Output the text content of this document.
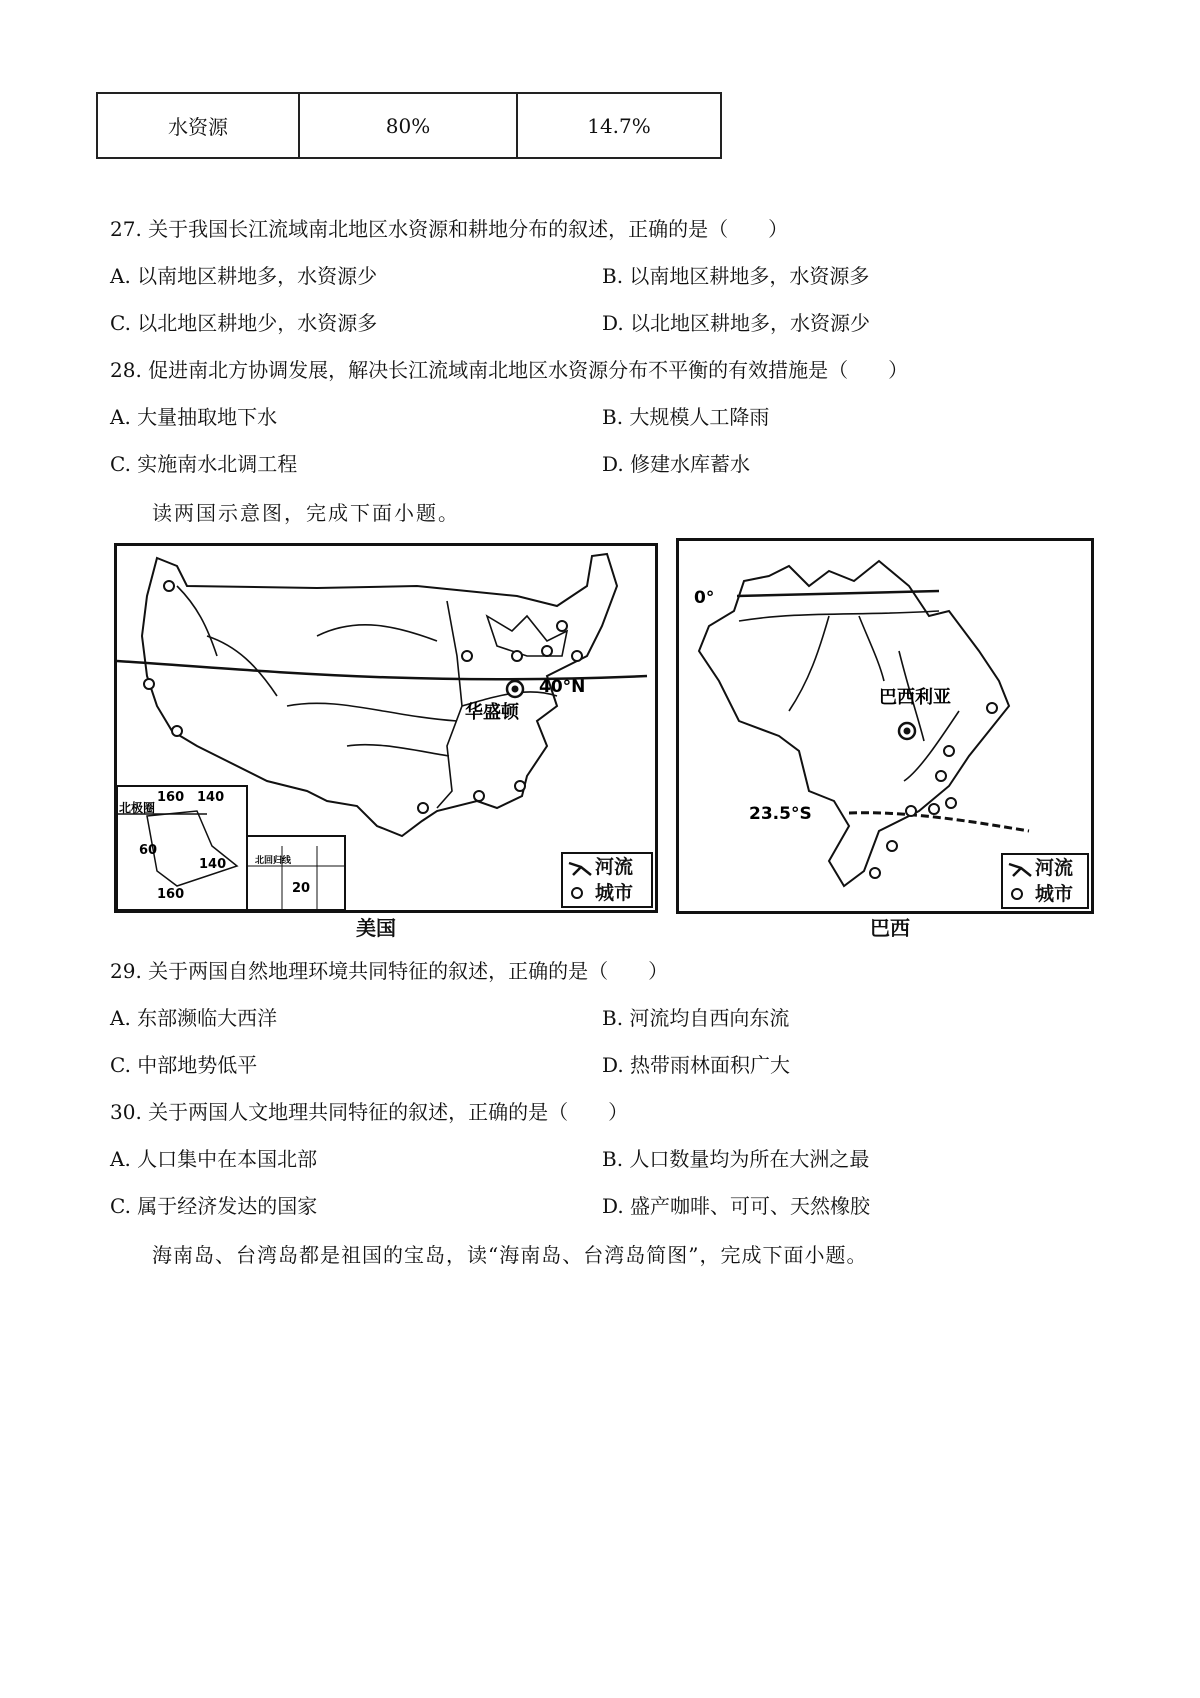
水资源	80%	14.7%
27. 关于我国长江流域南北地区水资源和耕地分布的叙述，正确的是（　　）
A. 以南地区耕地多，水资源少	B. 以南地区耕地多，水资源多
C. 以北地区耕地少，水资源多	D. 以北地区耕地多，水资源少
28. 促进南北方协调发展，解决长江流域南北地区水资源分布不平衡的有效措施是（　　）
A. 大量抽取地下水	B. 大规模人工降雨
C. 实施南水北调工程	D. 修建水库蓄水
读两国示意图，完成下面小题。
40°N
华盛顿
北极圈
160 140
60
140
160
北回归线
20
河流
城市
美国
0°
23.5°S
巴西利亚
河流
城市
巴西
29. 关于两国自然地理环境共同特征的叙述，正确的是（　　）
A. 东部濒临大西洋	B. 河流均自西向东流
C. 中部地势低平	D. 热带雨林面积广大
30. 关于两国人文地理共同特征的叙述，正确的是（　　）
A. 人口集中在本国北部	B. 人口数量均为所在大洲之最
C. 属于经济发达的国家	D. 盛产咖啡、可可、天然橡胶
海南岛、台湾岛都是祖国的宝岛，读“海南岛、台湾岛简图”，完成下面小题。
